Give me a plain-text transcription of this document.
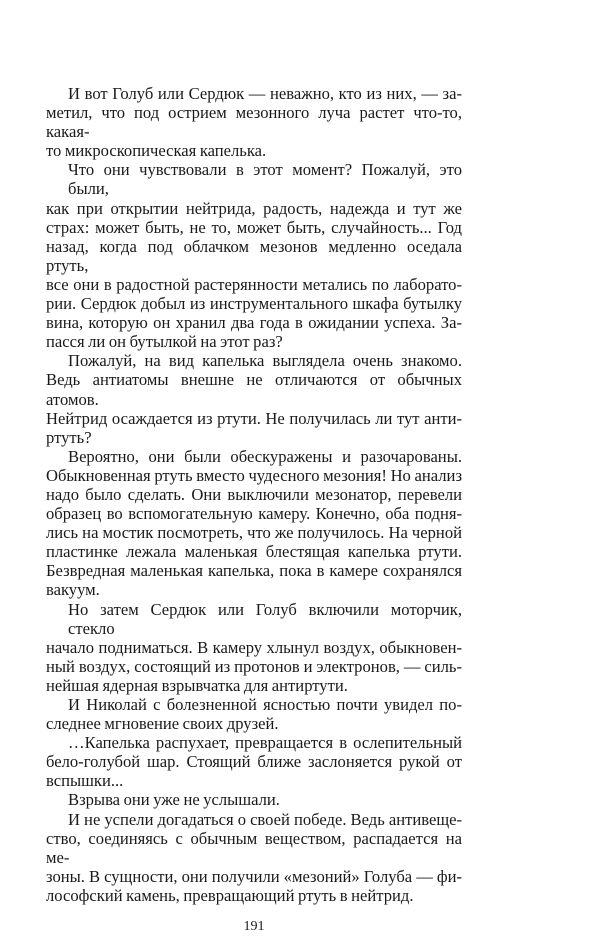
И вот Голуб или Сердюк — неважно, кто из них, — за-
метил, что под острием мезонного луча растет что-то, какая-
то микроскопическая капелька.
Что они чувствовали в этот момент? Пожалуй, это были,
как при открытии нейтрида, радость, надежда и тут же
страх: может быть, не то, может быть, случайность... Год
назад, когда под облачком мезонов медленно оседала ртуть,
все они в радостной растерянности метались по лаборато-
рии. Сердюк добыл из инструментального шкафа бутылку
вина, которую он хранил два года в ожидании успеха. За-
пасся ли он бутылкой на этот раз?
Пожалуй, на вид капелька выглядела очень знакомо.
Ведь антиатомы внешне не отличаются от обычных атомов.
Нейтрид осаждается из ртути. Не получилась ли тут анти-
ртуть?
Вероятно, они были обескуражены и разочарованы.
Обыкновенная ртуть вместо чудесного мезония! Но анализ
надо было сделать. Они выключили мезонатор, перевели
образец во вспомогательную камеру. Конечно, оба подня-
лись на мостик посмотреть, что же получилось. На черной
пластинке лежала маленькая блестящая капелька ртути.
Безвредная маленькая капелька, пока в камере сохранялся
вакуум.
Но затем Сердюк или Голуб включили моторчик, стекло
начало подниматься. В камеру хлынул воздух, обыкновен-
ный воздух, состоящий из протонов и электронов, — силь-
нейшая ядерная взрывчатка для антиртути.
И Николай с болезненной ясностью почти увидел по-
следнее мгновение своих друзей.
…Капелька распухает, превращается в ослепительный
бело-голубой шар. Стоящий ближе заслоняется рукой от
вспышки...
Взрыва они уже не услышали.
И не успели догадаться о своей победе. Ведь антивеще-
ство, соединяясь с обычным веществом, распадается на ме-
зоны. В сущности, они получили «мезоний» Голуба — фи-
лософский камень, превращающий ртуть в нейтрид.
191
